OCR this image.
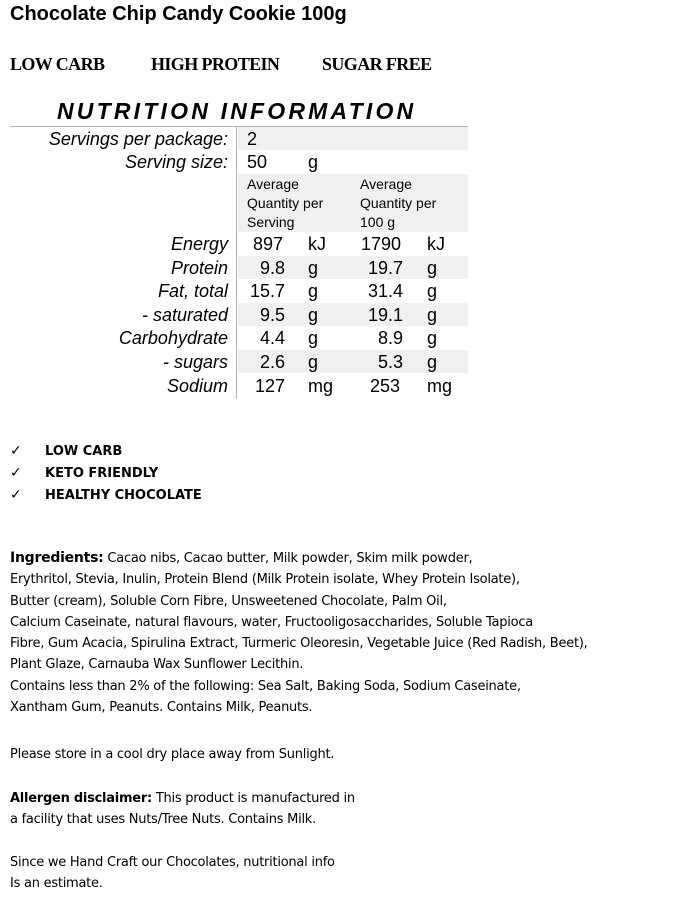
Chocolate Chip Candy Cookie 100g
LOW CARB	HIGH PROTEIN SUGAR FREE
NUTRITION INFORMATION
Servings per package: 2
Serving size: 50 g
Average
Quantity per
Serving
Average
Quantity per
100 g
Energy 897 kJ 1790 kJ
Protein 9.8 g	19.7 g
Fat, total 15.7 g	31.4 g
- saturated 9.5 g	19.1 g
Carbohydrate 4.4 g	8.9 g
- sugars 2.6 g	5.3 g
Sodium 127 mg 253 mg
✓ LOW CARB
✓ KETO FRIENDLY
✓ HEALTHY CHOCOLATE
Ingredients: Cacao nibs, Cacao butter, Milk powder, Skim milk powder,
Erythritol, Stevia, Inulin, Protein Blend (Milk Protein isolate, Whey Protein Isolate),
Butter (cream), Soluble Corn Fibre, Unsweetened Chocolate, Palm Oil,
Calcium Caseinate, natural flavours, water, Fructooligosaccharides, Soluble Tapioca
Fibre, Gum Acacia, Spirulina Extract, Turmeric Oleoresin, Vegetable Juice (Red Radish, Beet),
Plant Glaze, Carnauba Wax Sunflower Lecithin.
Contains less than 2% of the following: Sea Salt, Baking Soda, Sodium Caseinate,
Xantham Gum, Peanuts. Contains Milk, Peanuts.
Please store in a cool dry place away from Sunlight.
Allergen disclaimer: This product is manufactured in
a facility that uses Nuts/Tree Nuts. Contains Milk.
Since we Hand Craft our Chocolates, nutritional info
Is an estimate.
